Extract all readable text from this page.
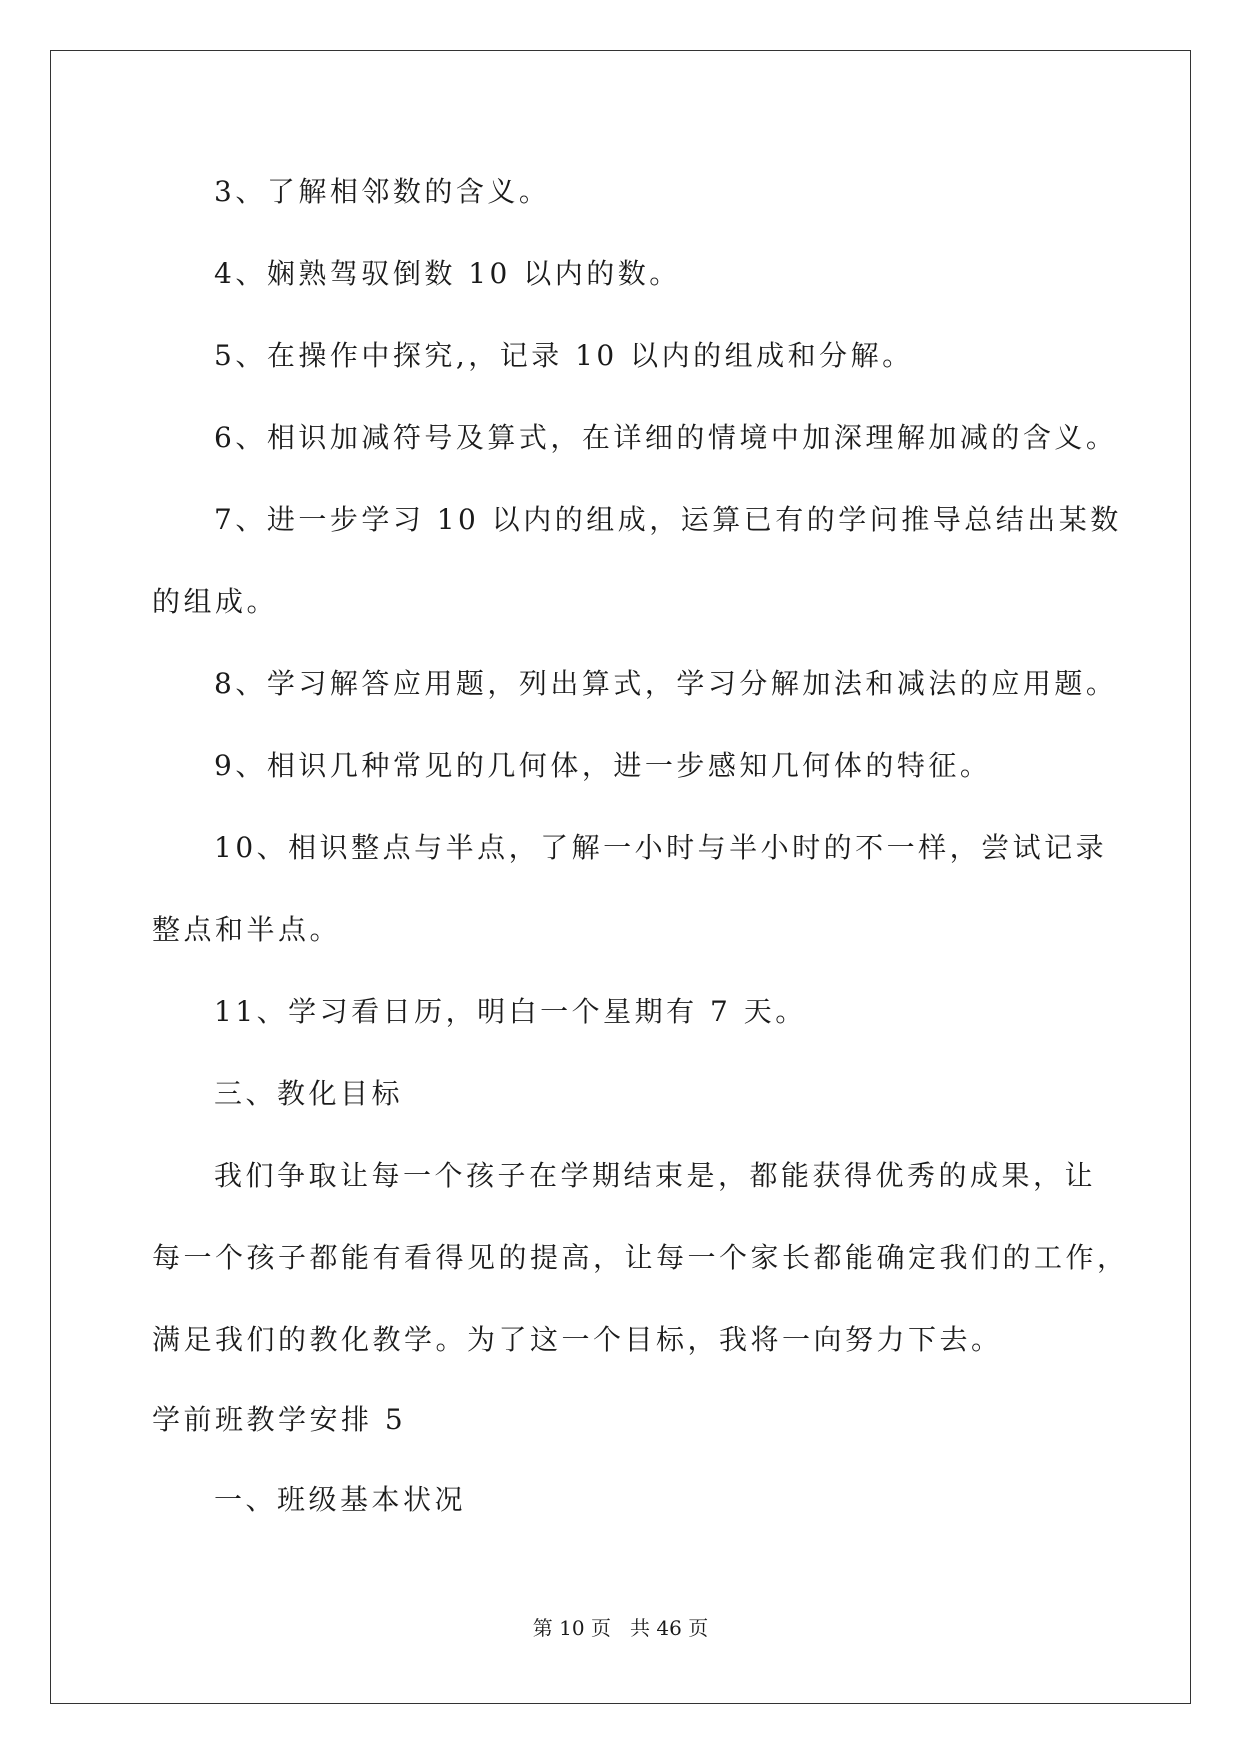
3、了解相邻数的含义。
4、娴熟驾驭倒数 10 以内的数。
5、在操作中探究,，记录 10 以内的组成和分解。
6、相识加减符号及算式，在详细的情境中加深理解加减的含义。
7、进一步学习 10 以内的组成，运算已有的学问推导总结出某数
的组成。
8、学习解答应用题，列出算式，学习分解加法和减法的应用题。
9、相识几种常见的几何体，进一步感知几何体的特征。
10、相识整点与半点，了解一小时与半小时的不一样，尝试记录
整点和半点。
11、学习看日历，明白一个星期有 7 天。
三、教化目标
我们争取让每一个孩子在学期结束是，都能获得优秀的成果，让
每一个孩子都能有看得见的提高，让每一个家长都能确定我们的工作，
满足我们的教化教学。为了这一个目标，我将一向努力下去。
学前班教学安排 5
一、班级基本状况
第 10 页   共 46 页
